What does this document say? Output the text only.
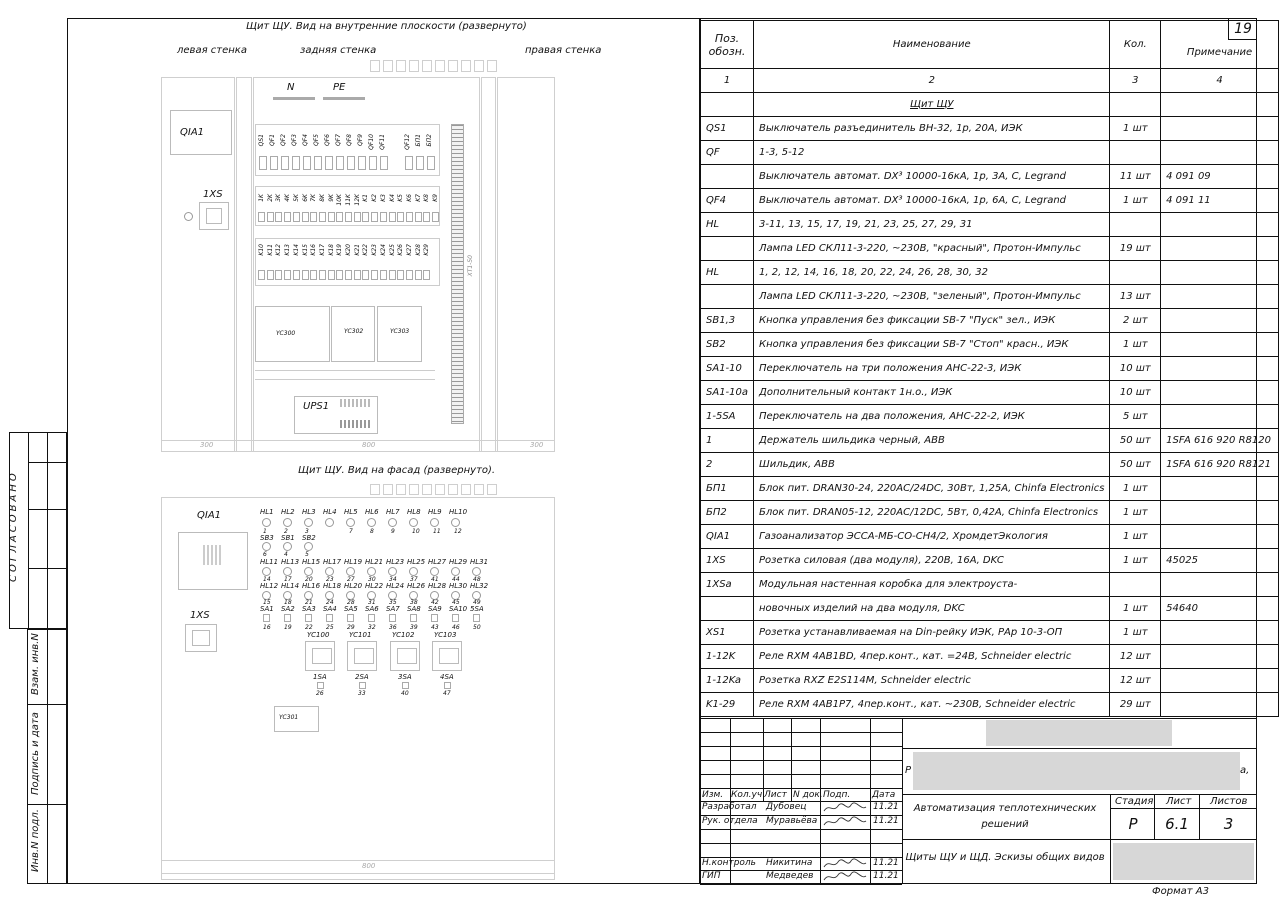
19
Формат А3
СОГЛАСОВАНО
Взам. инв.N
Подпись и дата
Инв.N подл.
Щит ЩУ. Вид на внутренние плоскости (развернуто)
левая стенка	задняя стенка	правая стенка
300	800	300
N	PE
QIA1
1XS
QS1 QF1 QF2 QF3 QF4 QF5 QF6 QF7 QF8 QF9 QF10 QF11	QF12 БП1 БП2
1K 2K 3K 4K 5K 6K 7K 8K 9K 10K 11K 12K K1 K2 K3 K4 K5 K6 K7 K8 K9
K10 K11 K12 K13 K14 K15 K16 K17 K18 K19 K20 K21 K22 K23 K24 K25 K26 K27 K28 K29
XT1-50
YC300	YC302	YC303
UPS1
Щит ЩУ. Вид на фасад (развернуто).
800
QIA1
1XS
HL1 HL2 HL3 HL4 HL5 HL6 HL7 HL8 HL9 HL10
1	2	3	7	8	9	10 11 12
SB3
6
SB1
4
SB2
5
HL11
14
HL13
17
HL15
20
HL17
23
HL19
27
HL21
30
HL23
34
HL25
37
HL27
41
HL29
44
HL31
48
HL12
15
HL14
18
HL16
21
HL18
24
HL20
28
HL22
31
HL24
35
HL26
38
HL28
42
HL30
45
HL32
49
SA1
16
SA2
19
SA3
22
SA4
25
SA5
29
SA6
32
SA7
36
SA8
39
SA9
43
SA10
46
5SA
50
YC100
1SA
26
YC101
2SA
33
YC102
3SA
40
YC103
4SA
47
YC301
Поз. обозн.	Наименование	Кол.	Примечание
1	2	3	4
	Щит ЩУ		
QS1	Выключатель разъединитель ВН-32, 1р, 20А, ИЭК	1 шт	
QF	1-3, 5-12		
	Выключатель автомат. DX³ 10000-16кА, 1р, 3А, С, Legrand	11 шт	4 091 09
QF4	Выключатель автомат. DX³ 10000-16кА, 1р, 6А, С, Legrand	1 шт	4 091 11
HL	3-11, 13, 15, 17, 19, 21, 23, 25, 27, 29, 31		
	Лампа LED СКЛ11-3-220, ~230В, "красный", Протон-Импульс	19 шт	
HL	1, 2, 12, 14, 16, 18, 20, 22, 24, 26, 28, 30, 32		
	Лампа LED СКЛ11-3-220, ~230В, "зеленый", Протон-Импульс	13 шт	
SB1,3	Кнопка управления без фиксации SB-7 "Пуск" зел., ИЭК	2 шт	
SB2	Кнопка управления без фиксации SB-7 "Стоп" красн., ИЭК	1 шт	
SA1-10	Переключатель на три положения АНС-22-3, ИЭК	10 шт	
SA1-10а	Дополнительный контакт 1н.о., ИЭК	10 шт	
1-5SA	Переключатель на два положения, АНС-22-2, ИЭК	5 шт	
1	Держатель шильдика черный, АВВ	50 шт	1SFA 616 920 R8120
2	Шильдик, АВВ	50 шт	1SFA 616 920 R8121
БП1	Блок пит. DRAN30-24, 220AC/24DC, 30Вт, 1,25А, Chinfa Electronics	1 шт	
БП2	Блок пит. DRAN05-12, 220AC/12DC, 5Вт, 0,42А, Chinfa Electronics	1 шт	
QIA1	Газоанализатор ЭССА-МБ-СО-СН4/2, ХромдетЭкология	1 шт	
1XS	Розетка силовая (два модуля), 220В, 16А, DKC	1 шт	45025
1XSa	Модульная настенная коробка для электроуста-		
	новочных изделий на два модуля, DKC	1 шт	54640
XS1	Розетка устанавливаемая на Din-рейку ИЭК, РАр 10-3-ОП	1 шт	
1-12K	Реле RXM 4AB1BD, 4пер.конт., кат. =24В, Schneider electric	12 шт	
1-12Ka	Розетка RXZ E2S114M, Schneider electric	12 шт	
K1-29	Реле RXM 4AB1P7, 4пер.конт., кат. ~230В, Schneider electric	29 шт	
Изм. Кол.уч Лист N док. Подп. Дата
Разработал Дубовец	11.21
Рук. отдела Муравьёва	11.21
Н.контроль Никитина	11.21
ГИП	Медведев	11.21
Р	а,
Автоматизация теплотехнических решений
Щиты ЩУ и ЩД. Эскизы общих видов
Стадия Лист Листов
Р	6.1	3
